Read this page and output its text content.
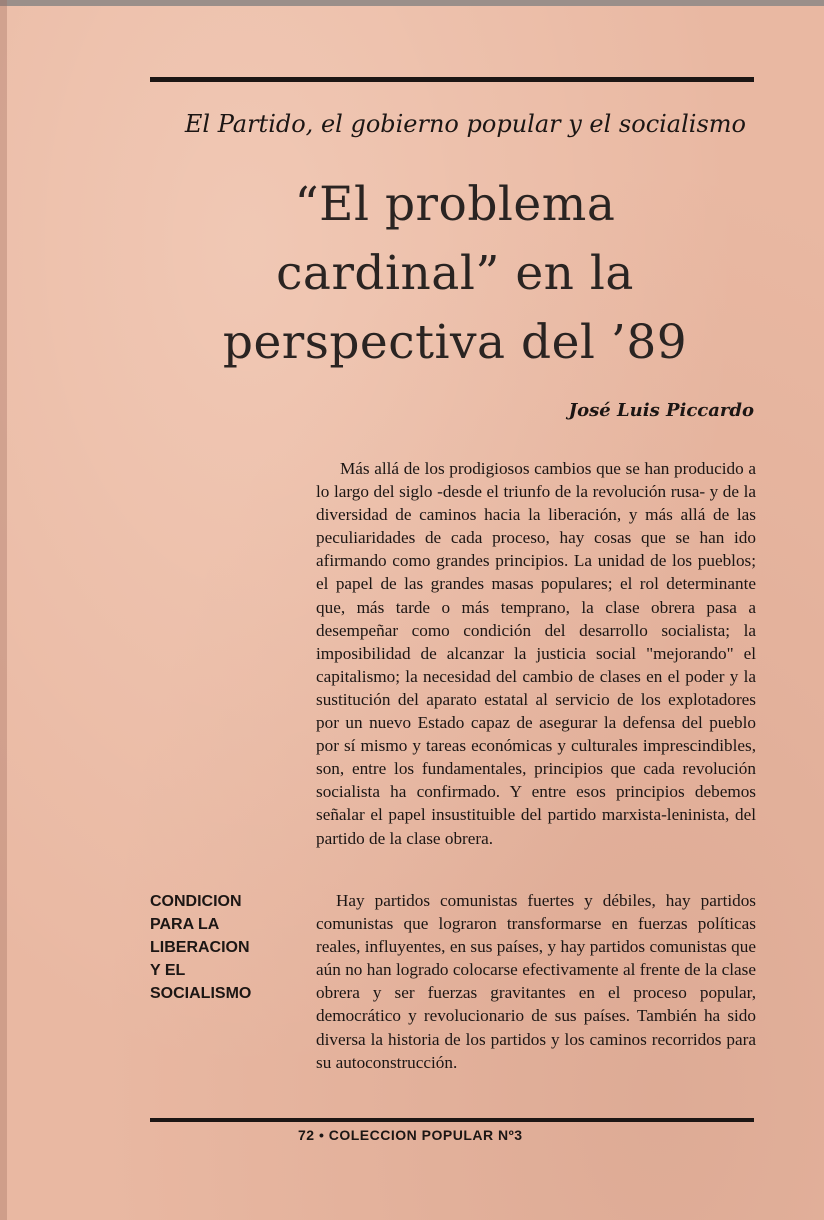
El Partido, el gobierno popular y el socialismo
“El problema
cardinal” en la
perspectiva del ’89
José Luis Piccardo
Más allá de los prodigiosos cambios que se han producido a lo largo del siglo -desde el triunfo de la revolución rusa- y de la diversidad de caminos hacia la liberación, y más allá de las peculiaridades de cada proceso, hay cosas que se han ido afirmando como grandes principios. La unidad de los pueblos; el papel de las grandes masas populares; el rol determinante que, más tarde o más temprano, la clase obrera pasa a desempeñar como condición del desarrollo socialista; la imposibilidad de alcanzar la justicia social "mejorando" el capitalismo; la necesidad del cambio de clases en el poder y la sustitución del aparato estatal al servicio de los explotadores por un nuevo Estado capaz de asegurar la defensa del pueblo por sí mismo y tareas económicas y culturales imprescindibles, son, entre los fundamentales, principios que cada revolución socialista ha confirmado. Y entre esos principios debemos señalar el papel insustituible del partido marxista-leninista, del partido de la clase obrera.
CONDICION
PARA LA
LIBERACION
Y EL
SOCIALISMO
Hay partidos comunistas fuertes y débiles, hay partidos comunistas que lograron transformarse en fuerzas políticas reales, influyentes, en sus países, y hay partidos comunistas que aún no han logrado colocarse efectivamente al frente de la clase obrera y ser fuerzas gravitantes en el proceso popular, democrático y revolucionario de sus países. También ha sido diversa la historia de los partidos y los caminos recorridos para su autoconstrucción.
72 • COLECCION POPULAR Nº3
